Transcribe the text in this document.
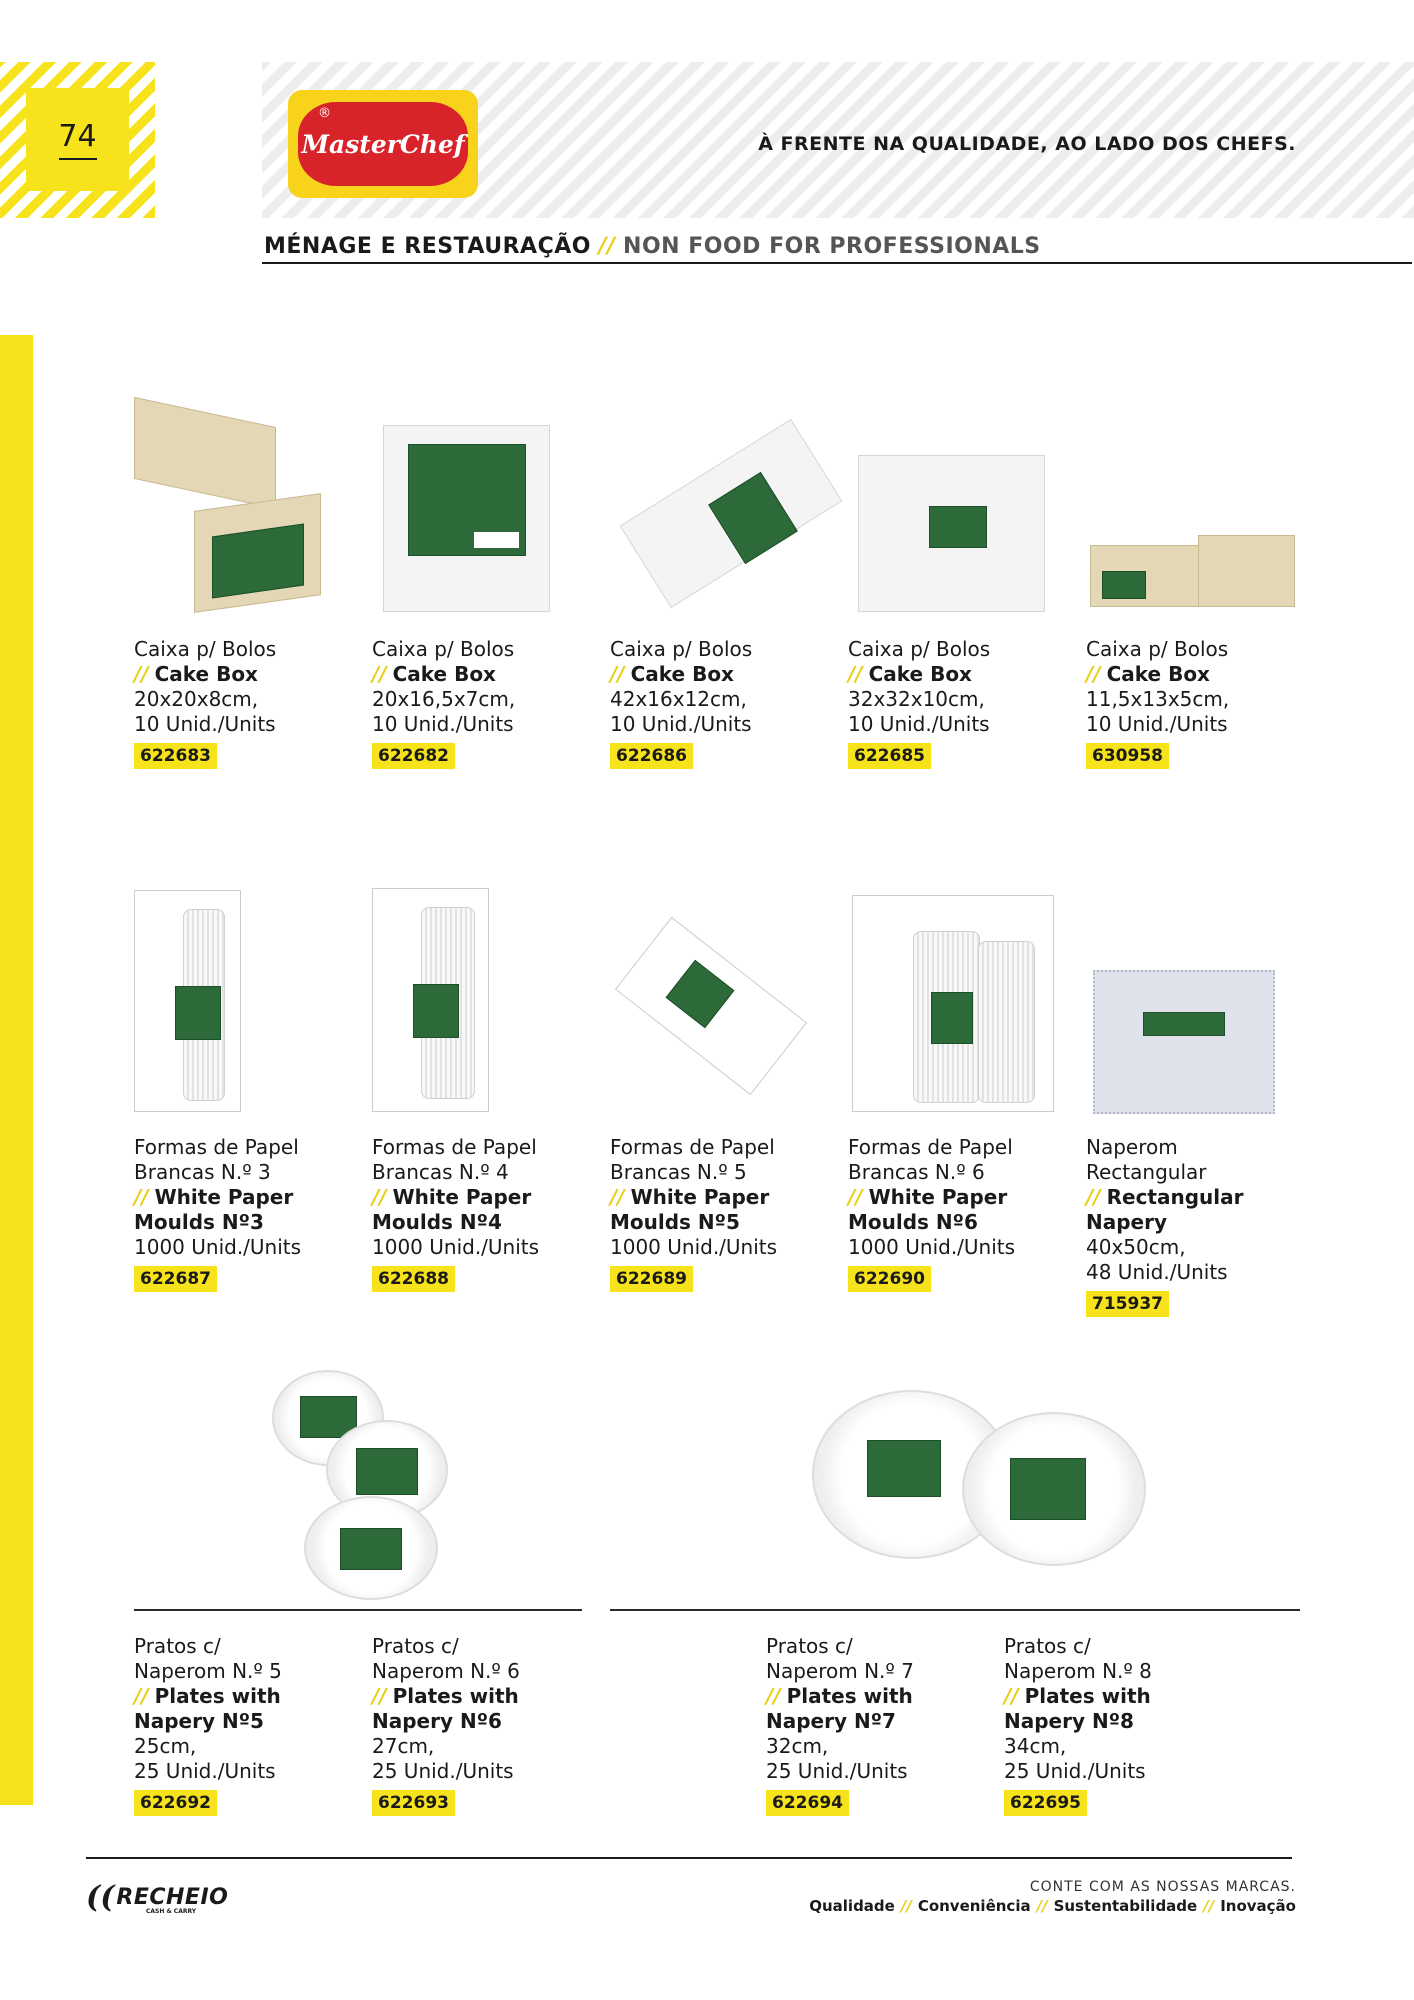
74
®
MasterChef	À FRENTE NA QUALIDADE, AO LADO DOS CHEFS.
MÉNAGE E RESTAURAÇÃO // NON FOOD FOR PROFESSIONALS
Caixa p/ Bolos
// Cake Box
20x20x8cm,
10 Unid./Units
622683
Caixa p/ Bolos
// Cake Box
20x16,5x7cm,
10 Unid./Units
622682
Caixa p/ Bolos
// Cake Box
42x16x12cm,
10 Unid./Units
622686
Caixa p/ Bolos
// Cake Box
32x32x10cm,
10 Unid./Units
622685
Caixa p/ Bolos
// Cake Box
11,5x13x5cm,
10 Unid./Units
630958
Formas de Papel
Brancas N.º 3
// White Paper
Moulds Nº3
1000 Unid./Units
622687
Formas de Papel
Brancas N.º 4
// White Paper
Moulds Nº4
1000 Unid./Units
622688
Formas de Papel
Brancas N.º 5
// White Paper
Moulds Nº5
1000 Unid./Units
622689
Formas de Papel
Brancas N.º 6
// White Paper
Moulds Nº6
1000 Unid./Units
622690
Naperom
Rectangular
// Rectangular
Napery
40x50cm,
48 Unid./Units
715937
Pratos c/
Naperom N.º 5
// Plates with
Napery Nº5
25cm,
25 Unid./Units
622692
Pratos c/
Naperom N.º 6
// Plates with
Napery Nº6
27cm,
25 Unid./Units
622693
Pratos c/
Naperom N.º 7
// Plates with
Napery Nº7
32cm,
25 Unid./Units
622694
Pratos c/
Naperom N.º 8
// Plates with
Napery Nº8
34cm,
25 Unid./Units
622695
(( RECHEIO
CASH & CARRY
CONTE COM AS NOSSAS MARCAS.
Qualidade // Conveniência // Sustentabilidade // Inovação
